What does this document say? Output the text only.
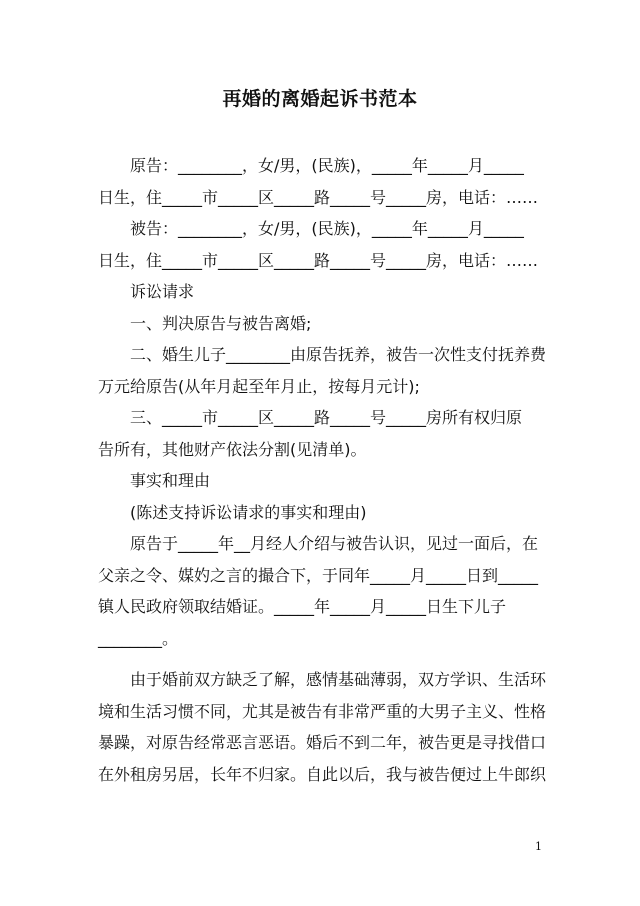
再婚的离婚起诉书范本
原告：________，女/男，(民族)，_____年_____月_____
日生，住_____市_____区_____路_____号_____房，电话：……
被告：________，女/男，(民族)，_____年_____月_____
日生，住_____市_____区_____路_____号_____房，电话：……
诉讼请求
一、判决原告与被告离婚;
二、婚生儿子________由原告抚养，被告一次性支付抚养费
万元给原告(从年月起至年月止，按每月元计);
三、_____市_____区_____路_____号_____房所有权归原
告所有，其他财产依法分割(见清单)。
事实和理由
(陈述支持诉讼请求的事实和理由)
原告于_____年__月经人介绍与被告认识，见过一面后，在
父亲之令、媒妁之言的撮合下，于同年_____月_____日到_____
镇人民政府领取结婚证。_____年_____月_____日生下儿子
________。
由于婚前双方缺乏了解，感情基础薄弱，双方学识、生活环
境和生活习惯不同，尤其是被告有非常严重的大男子主义、性格
暴躁，对原告经常恶言恶语。婚后不到二年，被告更是寻找借口
在外租房另居，长年不归家。自此以后，我与被告便过上牛郎织
1
